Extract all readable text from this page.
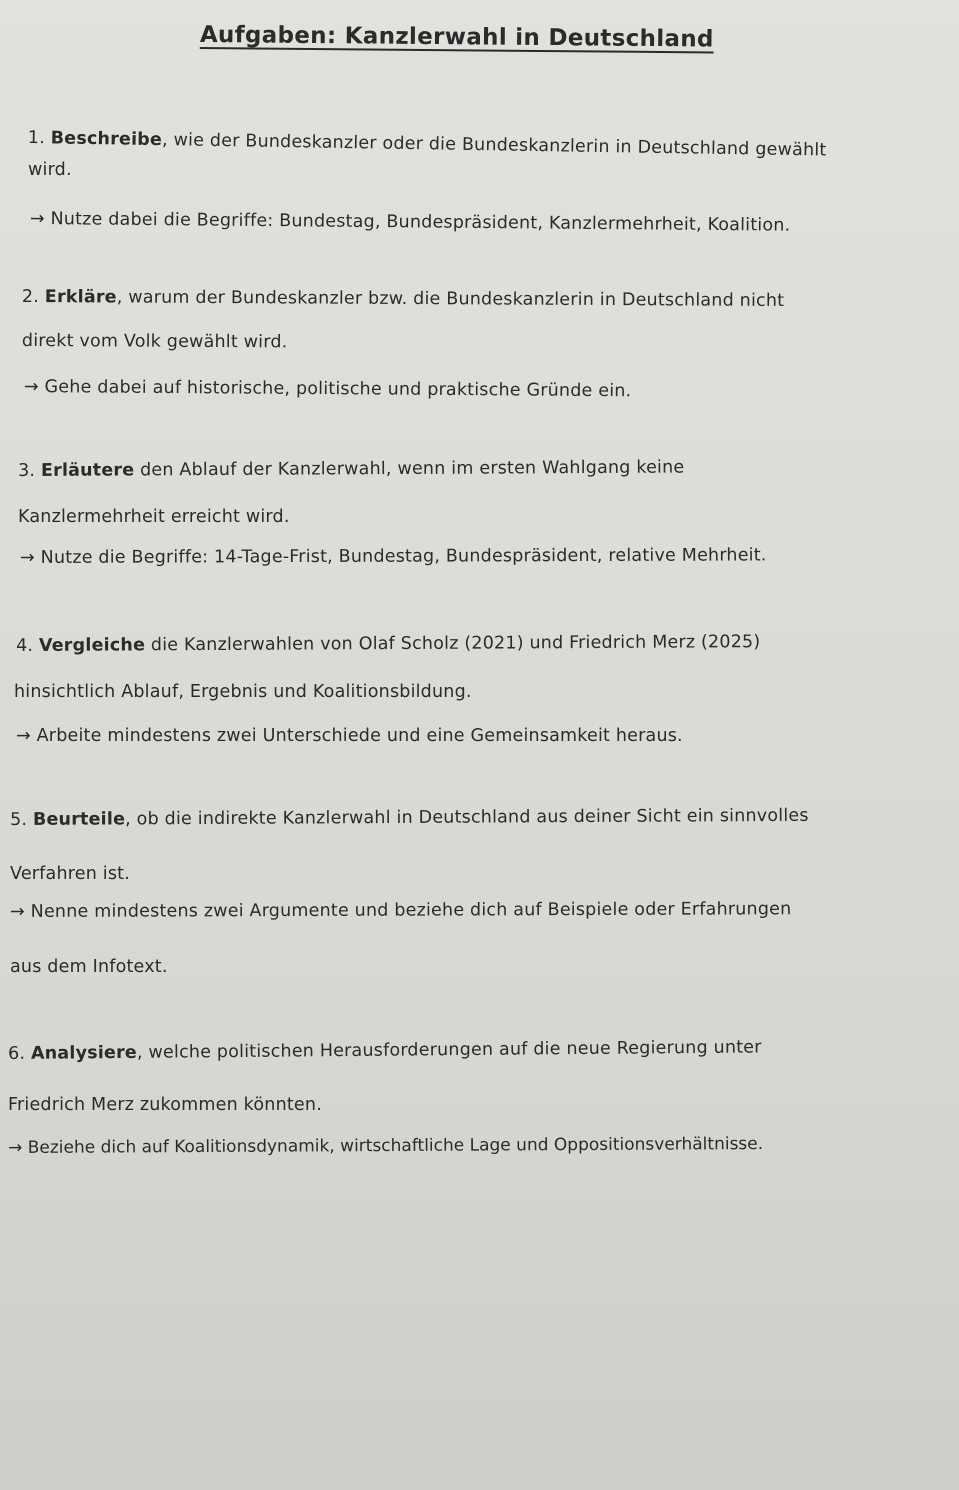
Aufgaben: Kanzlerwahl in Deutschland
1. Beschreibe, wie der Bundeskanzler oder die Bundeskanzlerin in Deutschland gewählt
wird.
→ Nutze dabei die Begriffe: Bundestag, Bundespräsident, Kanzlermehrheit, Koalition.
2. Erkläre, warum der Bundeskanzler bzw. die Bundeskanzlerin in Deutschland nicht
direkt vom Volk gewählt wird.
→ Gehe dabei auf historische, politische und praktische Gründe ein.
3. Erläutere den Ablauf der Kanzlerwahl, wenn im ersten Wahlgang keine
Kanzlermehrheit erreicht wird.
→ Nutze die Begriffe: 14-Tage-Frist, Bundestag, Bundespräsident, relative Mehrheit.
4. Vergleiche die Kanzlerwahlen von Olaf Scholz (2021) und Friedrich Merz (2025)
hinsichtlich Ablauf, Ergebnis und Koalitionsbildung.
→ Arbeite mindestens zwei Unterschiede und eine Gemeinsamkeit heraus.
5. Beurteile, ob die indirekte Kanzlerwahl in Deutschland aus deiner Sicht ein sinnvolles
Verfahren ist.
→ Nenne mindestens zwei Argumente und beziehe dich auf Beispiele oder Erfahrungen
aus dem Infotext.
6. Analysiere, welche politischen Herausforderungen auf die neue Regierung unter
Friedrich Merz zukommen könnten.
→ Beziehe dich auf Koalitionsdynamik, wirtschaftliche Lage und Oppositionsverhältnisse.
